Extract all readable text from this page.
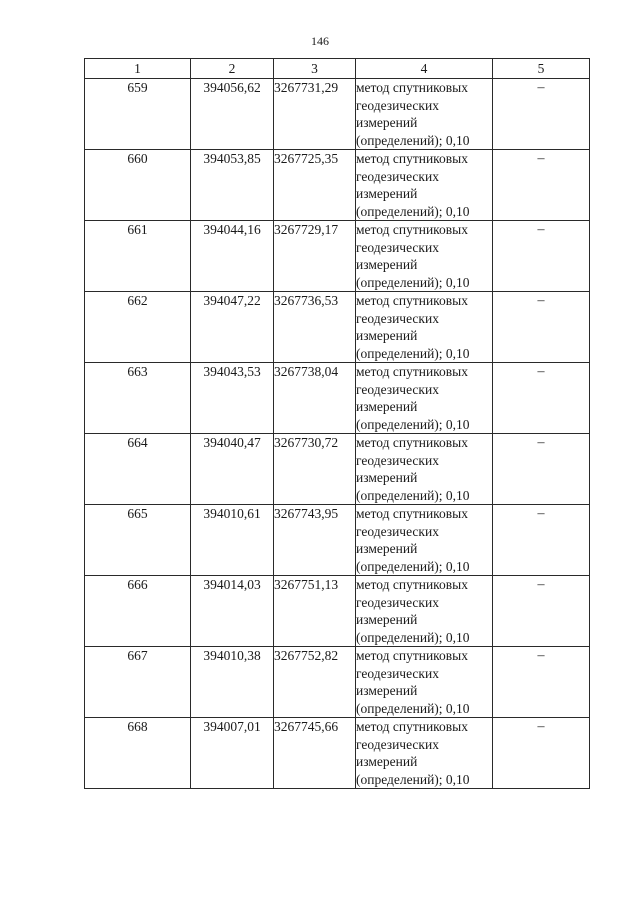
146
1	2	3	4	5
659	394056,62	3267731,29	метод спутниковых
геодезических
измерений
(определений); 0,10	–
660	394053,85	3267725,35	метод спутниковых
геодезических
измерений
(определений); 0,10	–
661	394044,16	3267729,17	метод спутниковых
геодезических
измерений
(определений); 0,10	–
662	394047,22	3267736,53	метод спутниковых
геодезических
измерений
(определений); 0,10	–
663	394043,53	3267738,04	метод спутниковых
геодезических
измерений
(определений); 0,10	–
664	394040,47	3267730,72	метод спутниковых
геодезических
измерений
(определений); 0,10	–
665	394010,61	3267743,95	метод спутниковых
геодезических
измерений
(определений); 0,10	–
666	394014,03	3267751,13	метод спутниковых
геодезических
измерений
(определений); 0,10	–
667	394010,38	3267752,82	метод спутниковых
геодезических
измерений
(определений); 0,10	–
668	394007,01	3267745,66	метод спутниковых
геодезических
измерений
(определений); 0,10	–
